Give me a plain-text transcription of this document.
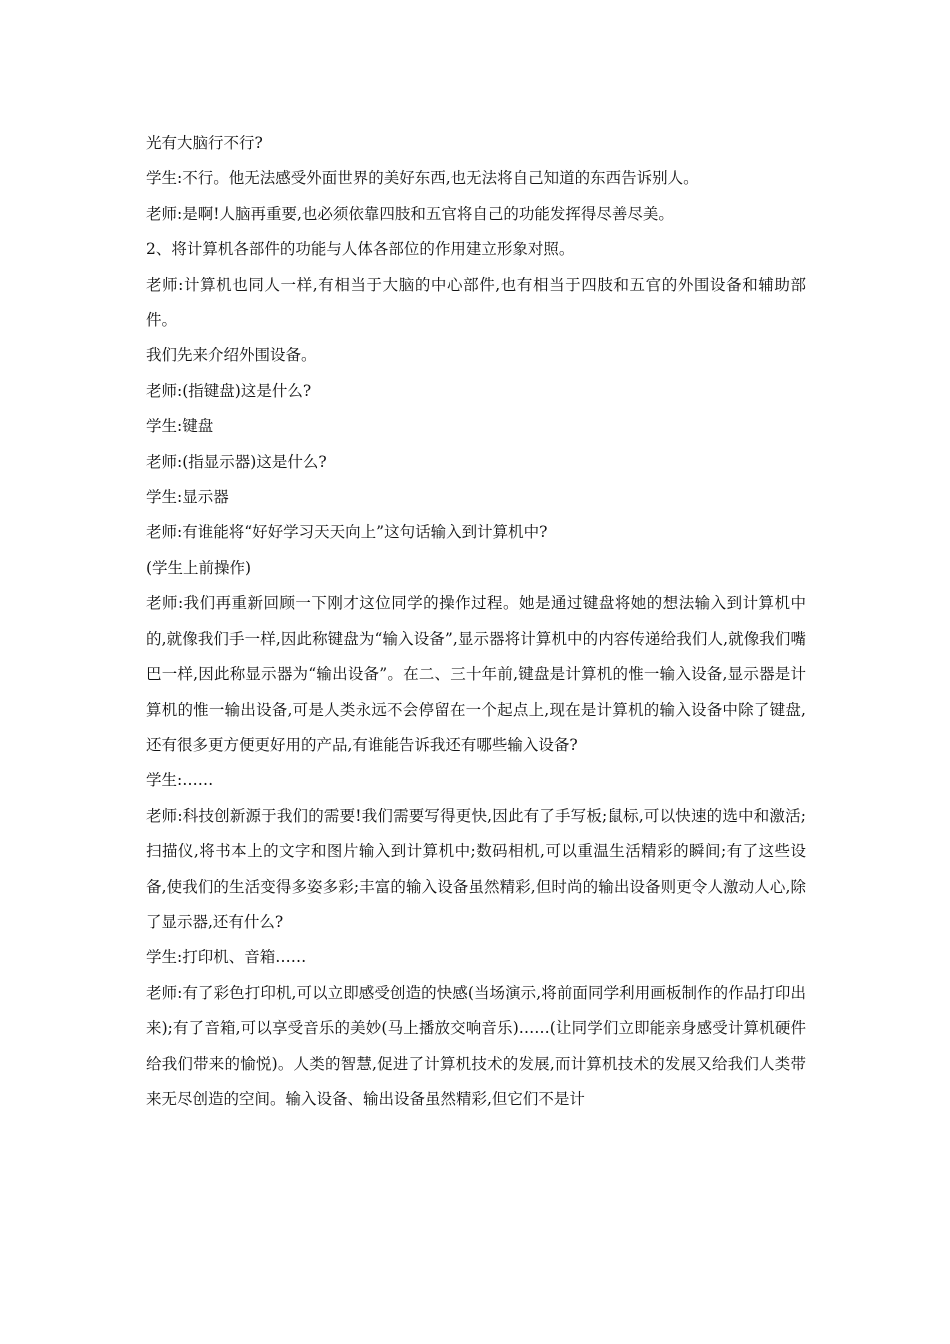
光有大脑行不行?

学生:不行。他无法感受外面世界的美好东西,也无法将自己知道的东西告诉别人。

老师:是啊!人脑再重要,也必须依靠四肢和五官将自己的功能发挥得尽善尽美。

2、将计算机各部件的功能与人体各部位的作用建立形象对照。

老师:计算机也同人一样,有相当于大脑的中心部件,也有相当于四肢和五官的外围设备和辅助部件。

我们先来介绍外围设备。

老师:(指键盘)这是什么?

学生:键盘

老师:(指显示器)这是什么?

学生:显示器

老师:有谁能将“好好学习天天向上”这句话输入到计算机中?

(学生上前操作)

老师:我们再重新回顾一下刚才这位同学的操作过程。她是通过键盘将她的想法输入到计算机中的,就像我们手一样,因此称键盘为“输入设备”,显示器将计算机中的内容传递给我们人,就像我们嘴巴一样,因此称显示器为“输出设备”。在二、三十年前,键盘是计算机的惟一输入设备,显示器是计算机的惟一输出设备,可是人类永远不会停留在一个起点上,现在是计算机的输入设备中除了键盘,还有很多更方便更好用的产品,有谁能告诉我还有哪些输入设备?

学生:……

老师:科技创新源于我们的需要!我们需要写得更快,因此有了手写板;鼠标,可以快速的选中和激活;扫描仪,将书本上的文字和图片输入到计算机中;数码相机,可以重温生活精彩的瞬间;有了这些设备,使我们的生活变得多姿多彩;丰富的输入设备虽然精彩,但时尚的输出设备则更令人激动人心,除了显示器,还有什么?

学生:打印机、音箱……

老师:有了彩色打印机,可以立即感受创造的快感(当场演示,将前面同学利用画板制作的作品打印出来);有了音箱,可以享受音乐的美妙(马上播放交响音乐)……(让同学们立即能亲身感受计算机硬件给我们带来的愉悦)。人类的智慧,促进了计算机技术的发展,而计算机技术的发展又给我们人类带来无尽创造的空间。输入设备、输出设备虽然精彩,但它们不是计
